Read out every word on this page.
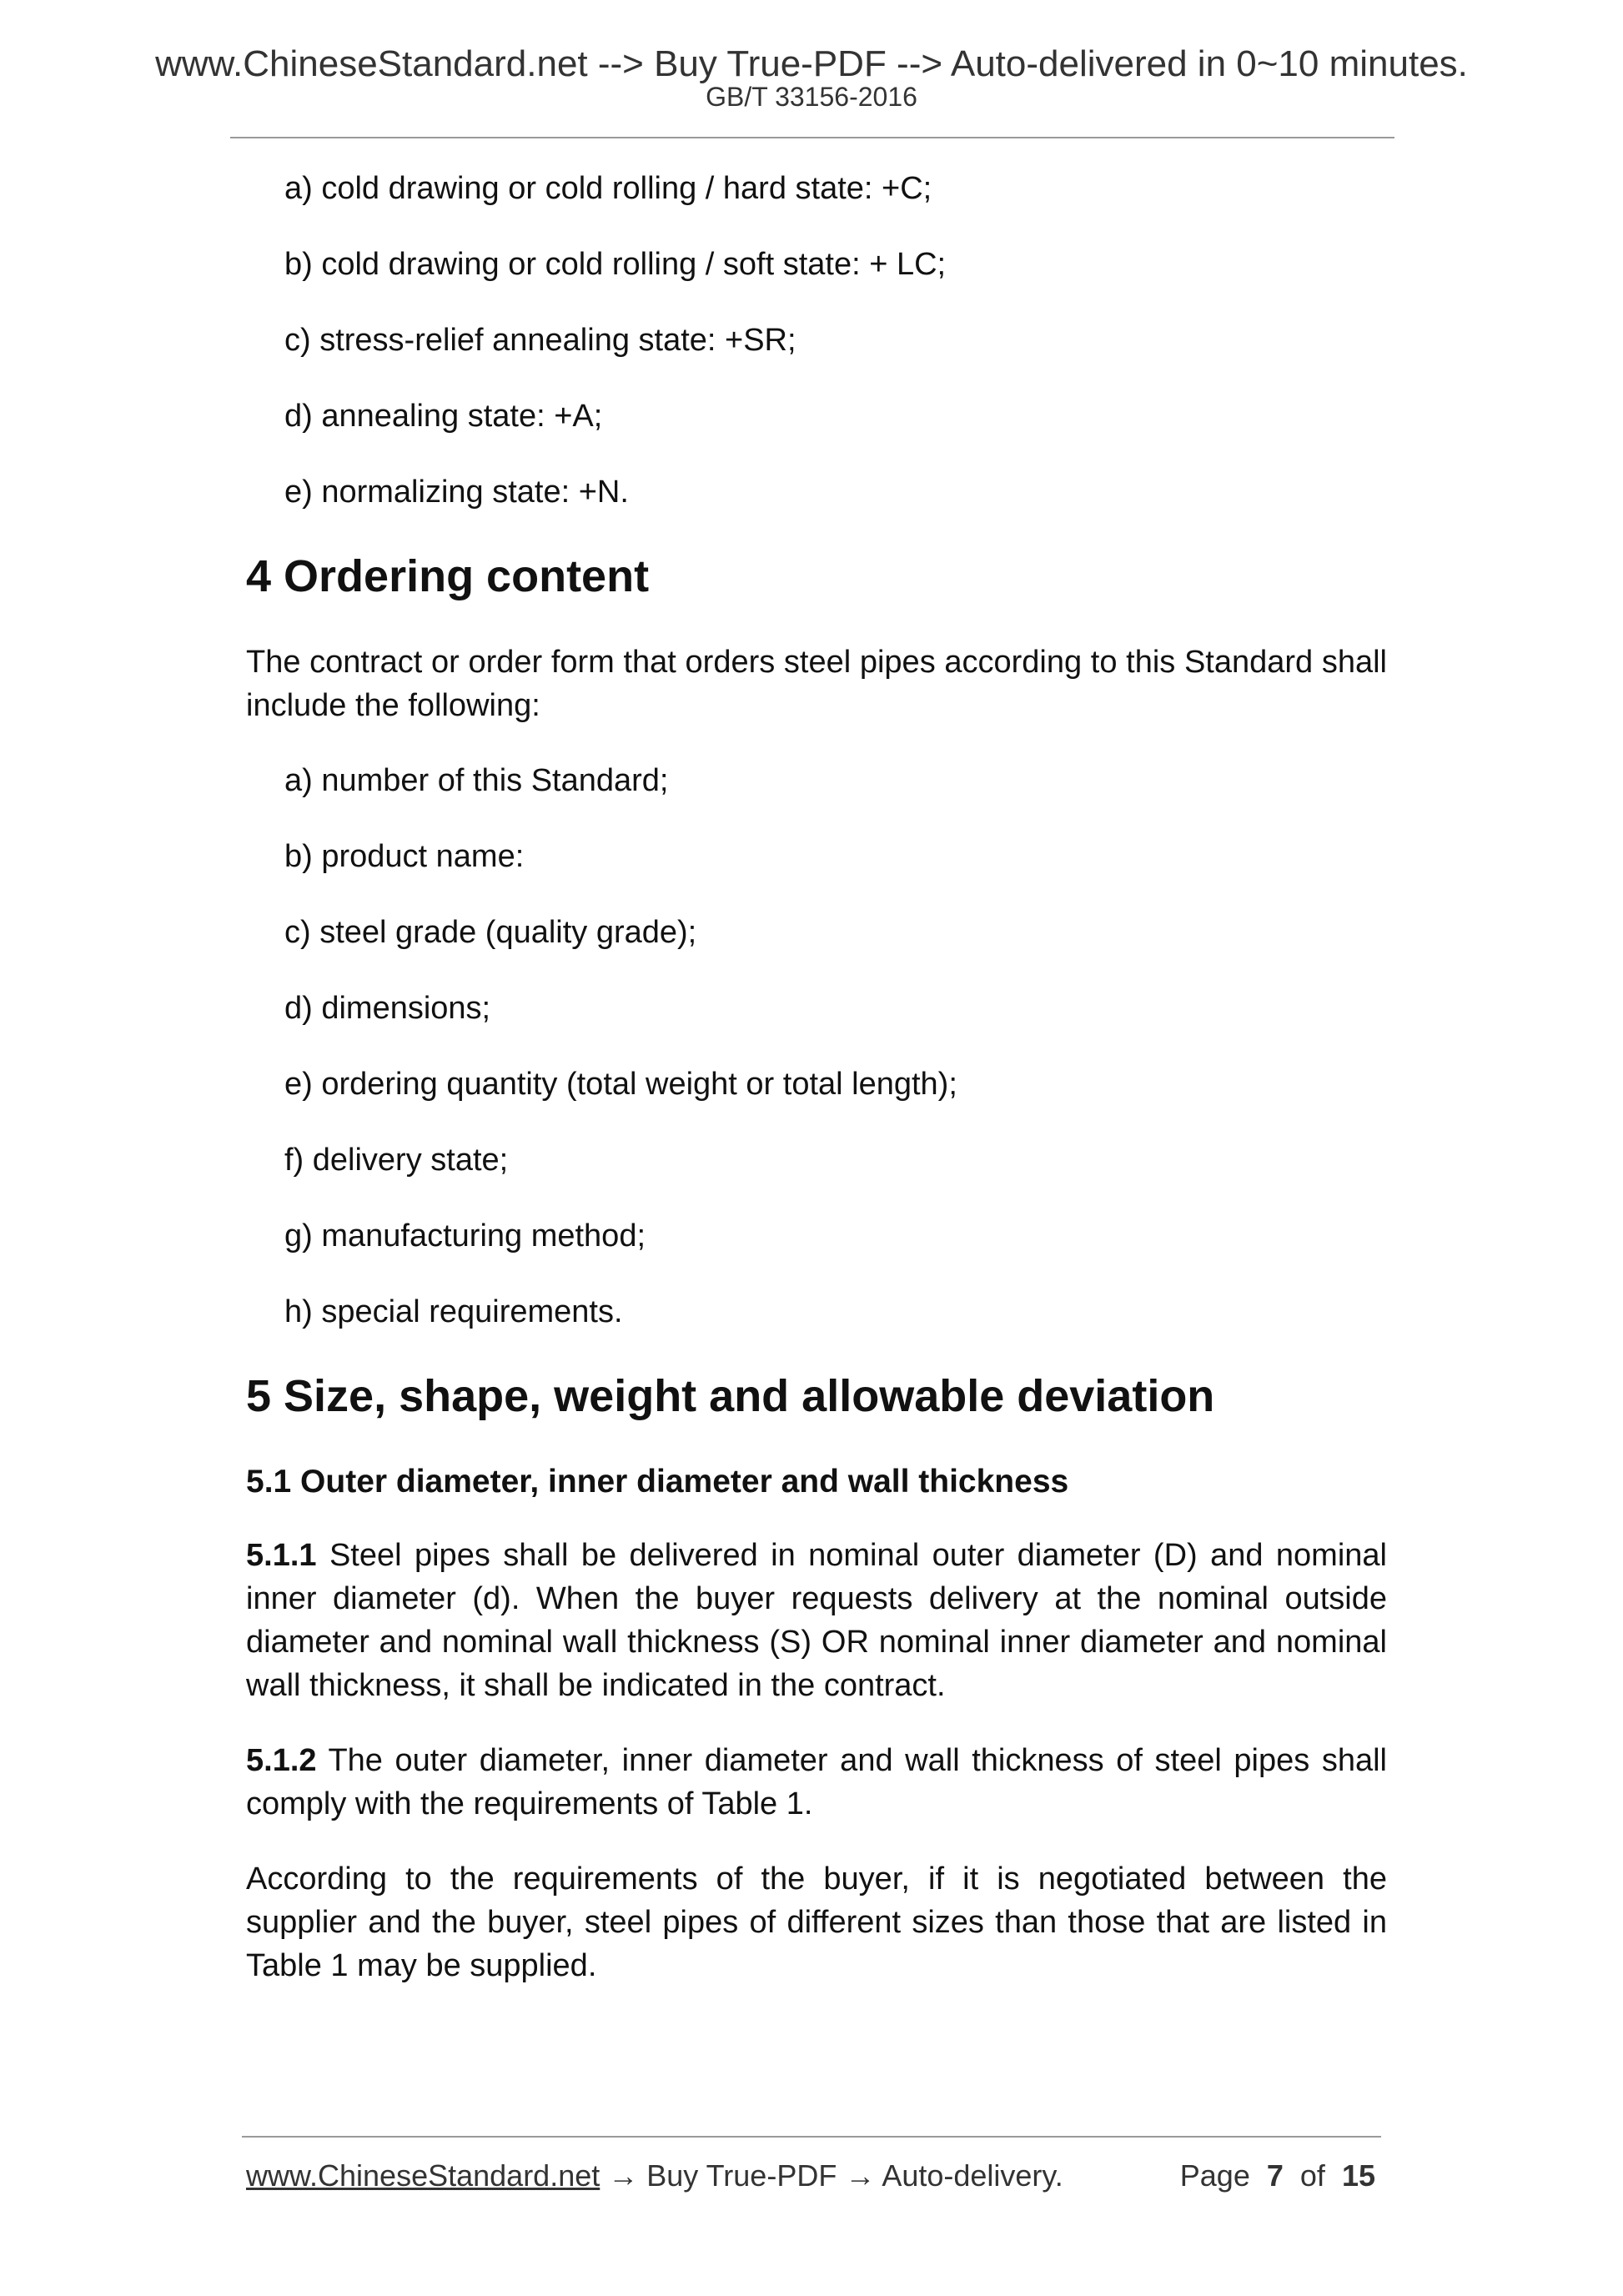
www.ChineseStandard.net --> Buy True-PDF --> Auto-delivered in 0~10 minutes.
GB/T 33156-2016
a) cold drawing or cold rolling / hard state: +C;
b) cold drawing or cold rolling / soft state: + LC;
c) stress-relief annealing state: +SR;
d) annealing state: +A;
e) normalizing state: +N.
4 Ordering content

The contract or order form that orders steel pipes according to this Standard shall include the following:

a) number of this Standard;
b) product name:
c) steel grade (quality grade);
d) dimensions;
e) ordering quantity (total weight or total length);
f) delivery state;
g) manufacturing method;
h) special requirements.
5 Size, shape, weight and allowable deviation
5.1 Outer diameter, inner diameter and wall thickness

5.1.1 Steel pipes shall be delivered in nominal outer diameter (D) and nominal inner diameter (d). When the buyer requests delivery at the nominal outside diameter and nominal wall thickness (S) OR nominal inner diameter and nominal wall thickness, it shall be indicated in the contract.

5.1.2 The outer diameter, inner diameter and wall thickness of steel pipes shall comply with the requirements of Table 1.

According to the requirements of the buyer, if it is negotiated between the supplier and the buyer, steel pipes of different sizes than those that are listed in Table 1 may be supplied.

www.ChineseStandard.net → Buy True-PDF → Auto-delivery.	Page 7 of 15
